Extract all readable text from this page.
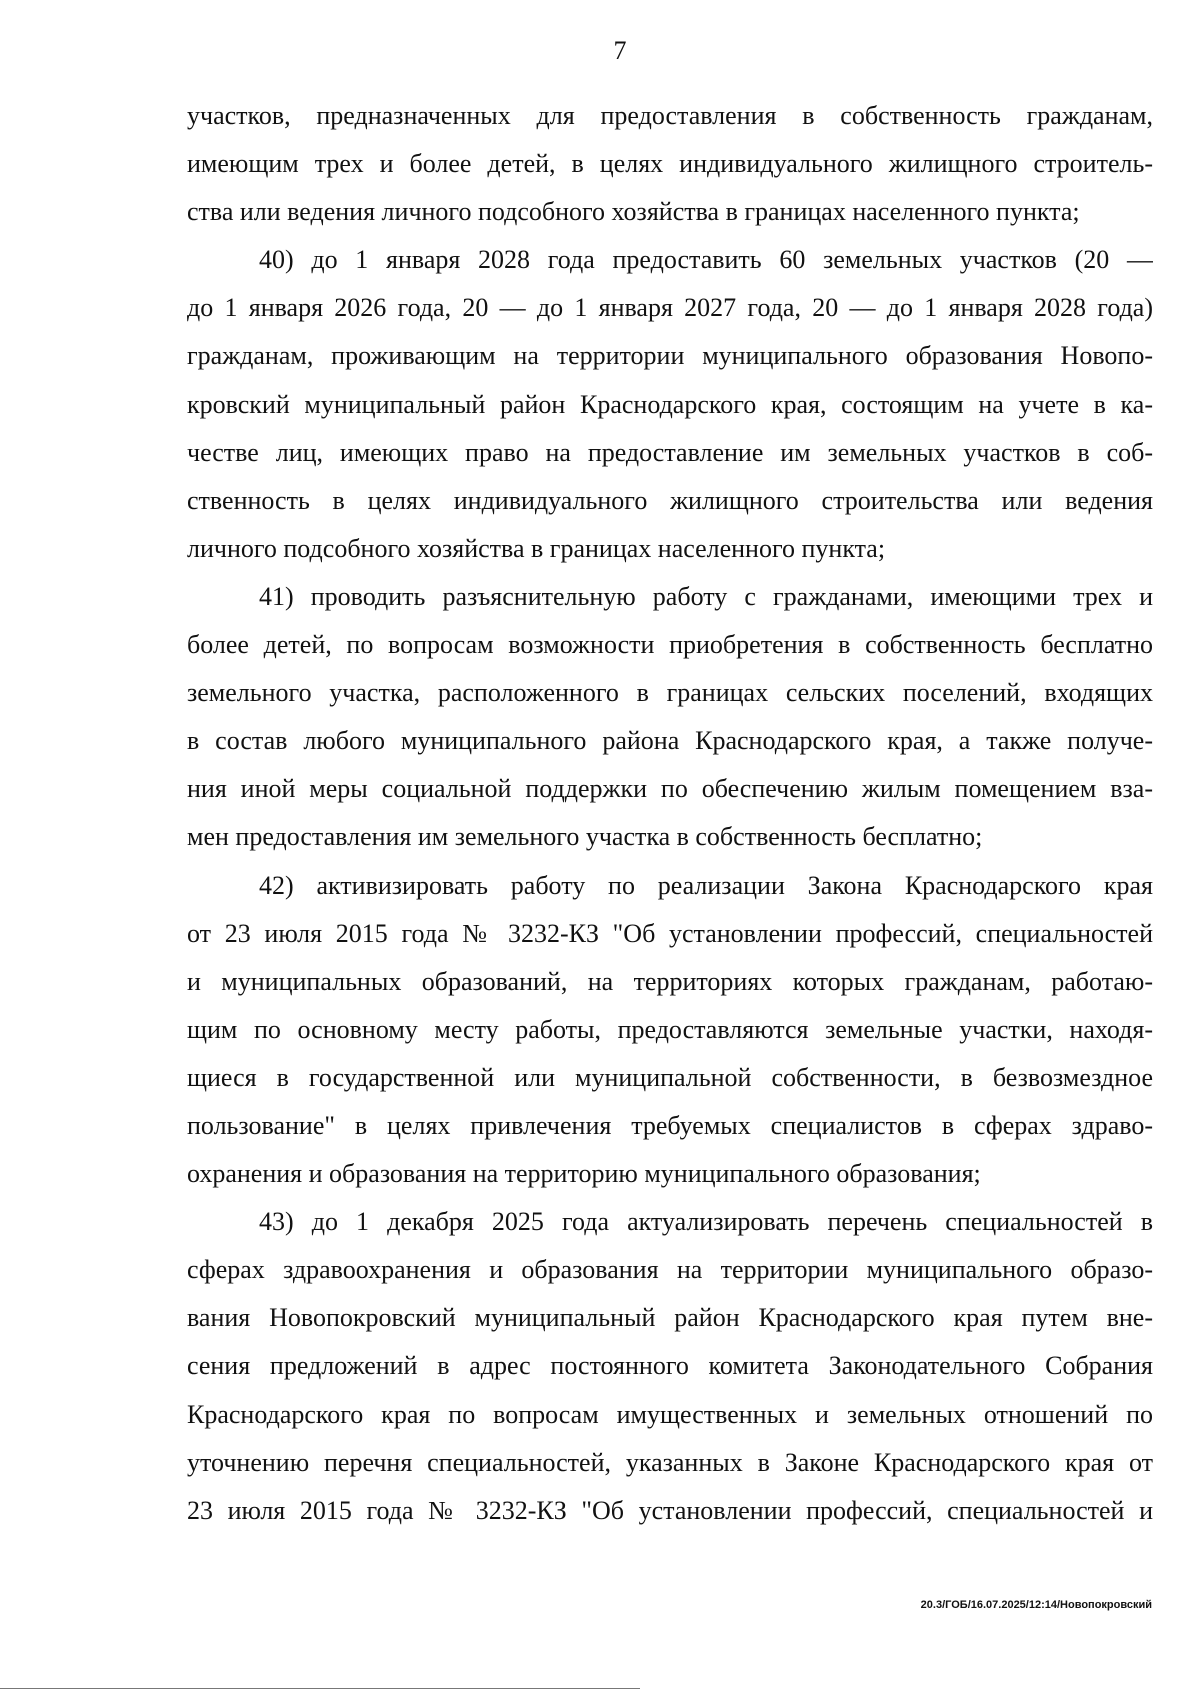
7
участков, предназначенных для предоставления в собственность гражданам,
имеющим трех и более детей, в целях индивидуального жилищного строитель-
ства или ведения личного подсобного хозяйства в границах населенного пункта;
40) до 1 января 2028 года предоставить 60 земельных участков (20 —
до 1 января 2026 года, 20 — до 1 января 2027 года, 20 — до 1 января 2028 года)
гражданам, проживающим на территории муниципального образования Новопо-
кровский муниципальный район Краснодарского края, состоящим на учете в ка-
честве лиц, имеющих право на предоставление им земельных участков в соб-
ственность в целях индивидуального жилищного строительства или ведения
личного подсобного хозяйства в границах населенного пункта;
41) проводить разъяснительную работу с гражданами, имеющими трех и
более детей, по вопросам возможности приобретения в собственность бесплатно
земельного участка, расположенного в границах сельских поселений, входящих
в состав любого муниципального района Краснодарского края, а также получе-
ния иной меры социальной поддержки по обеспечению жилым помещением вза-
мен предоставления им земельного участка в собственность бесплатно;
42) активизировать работу по реализации Закона Краснодарского края
от 23 июля 2015 года № 3232-КЗ "Об установлении профессий, специальностей
и муниципальных образований, на территориях которых гражданам, работаю-
щим по основному месту работы, предоставляются земельные участки, находя-
щиеся в государственной или муниципальной собственности, в безвозмездное
пользование" в целях привлечения требуемых специалистов в сферах здраво-
охранения и образования на территорию муниципального образования;
43) до 1 декабря 2025 года актуализировать перечень специальностей в
сферах здравоохранения и образования на территории муниципального образо-
вания Новопокровский муниципальный район Краснодарского края путем вне-
сения предложений в адрес постоянного комитета Законодательного Собрания
Краснодарского края по вопросам имущественных и земельных отношений по
уточнению перечня специальностей, указанных в Законе Краснодарского края от
23 июля 2015 года № 3232-КЗ "Об установлении профессий, специальностей и
20.3/ГОБ/16.07.2025/12:14/Новопокровский
